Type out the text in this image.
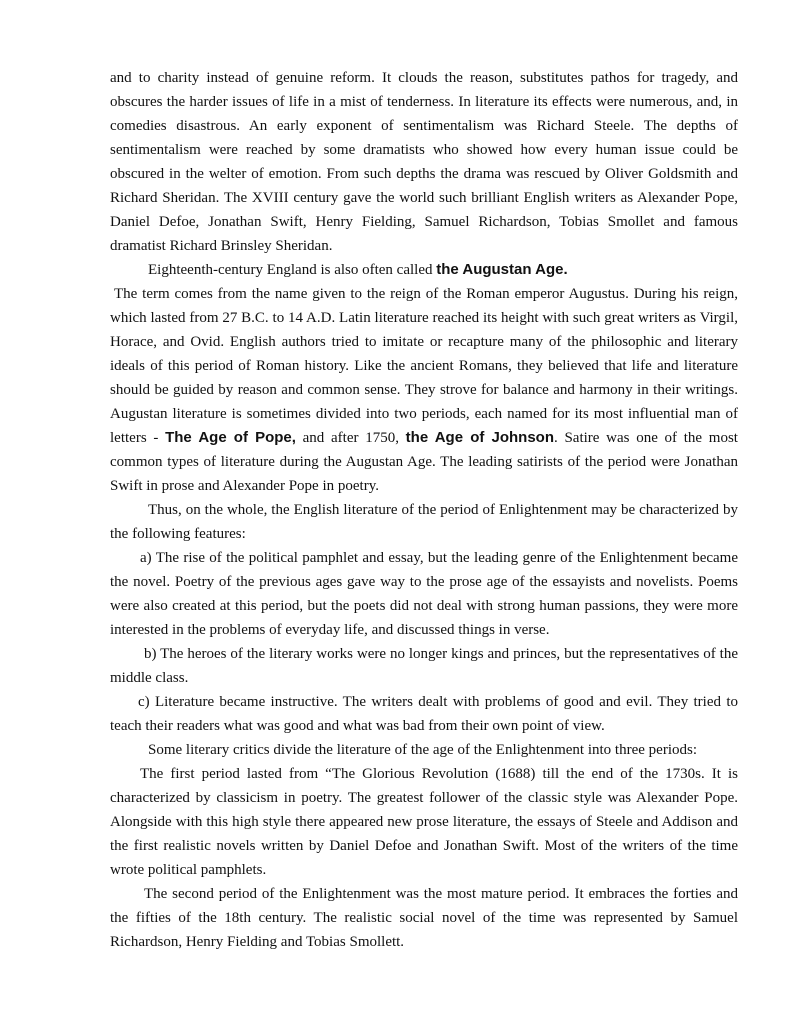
and to charity instead of genuine reform. It clouds the reason, substitutes pathos for tragedy, and obscures the harder issues of life in a mist of tenderness. In literature its effects were numerous, and, in comedies disastrous. An early exponent of sentimentalism was Richard Steele. The depths of sentimentalism were reached by some dramatists who showed how every human issue could be obscured in the welter of emotion. From such depths the drama was rescued by Oliver Goldsmith and Richard Sheridan. The XVIII century gave the world such brilliant English writers as Alexander Pope, Daniel Defoe, Jonathan Swift, Henry Fielding, Samuel Richardson, Tobias Smollet and famous dramatist Richard Brinsley Sheridan.

Eighteenth-century England is also often called the Augustan Age.

The term comes from the name given to the reign of the Roman emperor Augustus. During his reign, which lasted from 27 B.C. to 14 A.D. Latin literature reached its height with such great writers as Virgil, Horace, and Ovid. English authors tried to imitate or recapture many of the philosophic and literary ideals of this period of Roman history. Like the ancient Romans, they believed that life and literature should be guided by reason and common sense. They strove for balance and harmony in their writings. Augustan literature is sometimes divided into two periods, each named for its most influential man of letters - The Age of Pope, and after 1750, the Age of Johnson. Satire was one of the most common types of literature during the Augustan Age. The leading satirists of the period were Jonathan Swift in prose and Alexander Pope in poetry.

Thus, on the whole, the English literature of the period of Enlightenment may be characterized by the following features:

a) The rise of the political pamphlet and essay, but the leading genre of the Enlightenment became the novel. Poetry of the previous ages gave way to the prose age of the essayists and novelists. Poems were also created at this period, but the poets did not deal with strong human passions, they were more interested in the problems of everyday life, and discussed things in verse.

b) The heroes of the literary works were no longer kings and princes, but the representatives of the middle class.

c) Literature became instructive. The writers dealt with problems of good and evil. They tried to teach their readers what was good and what was bad from their own point of view.

Some literary critics divide the literature of the age of the Enlightenment into three periods:

The first period lasted from “The Glorious Revolution (1688) till the end of the 1730s. It is characterized by classicism in poetry. The greatest follower of the classic style was Alexander Pope. Alongside with this high style there appeared new prose literature, the essays of Steele and Addison and the first realistic novels written by Daniel Defoe and Jonathan Swift. Most of the writers of the time wrote political pamphlets.

The second period of the Enlightenment was the most mature period. It embraces the forties and the fifties of the 18th century. The realistic social novel of the time was represented by Samuel Richardson, Henry Fielding and Tobias Smollett.
